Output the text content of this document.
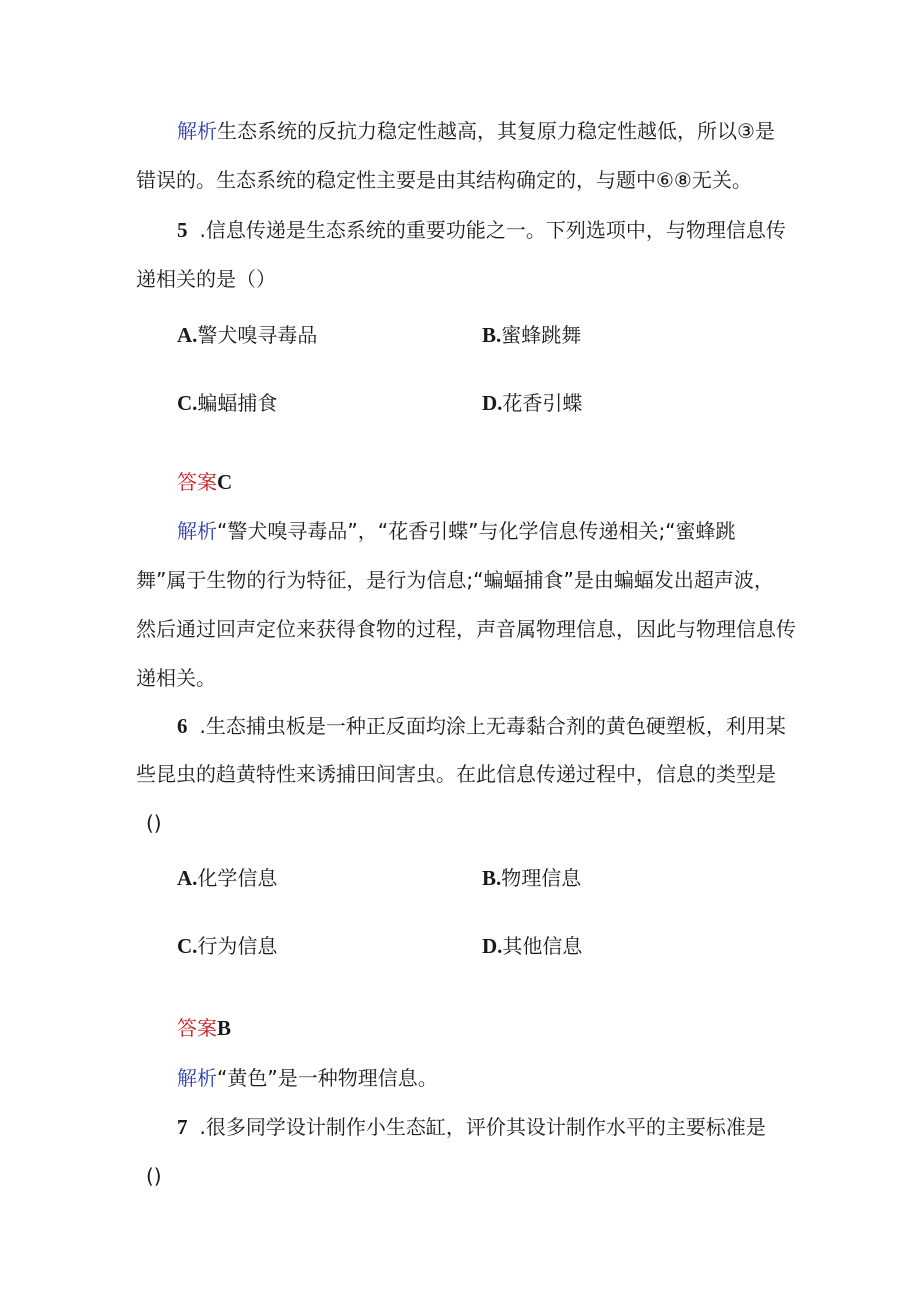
解析生态系统的反抗力稳定性越高，其复原力稳定性越低，所以③是
错误的。生态系统的稳定性主要是由其结构确定的，与题中⑥⑧无关。
5 .信息传递是生态系统的重要功能之一。下列选项中，与物理信息传
递相关的是（）
A.警犬嗅寻毒品	B.蜜蜂跳舞
C.蝙蝠捕食	D.花香引蝶
答案C
解析“警犬嗅寻毒品”，“花香引蝶”与化学信息传递相关;“蜜蜂跳
舞”属于生物的行为特征，是行为信息;“蝙蝠捕食”是由蝙蝠发出超声波，
然后通过回声定位来获得食物的过程，声音属物理信息，因此与物理信息传
递相关。
6 .生态捕虫板是一种正反面均涂上无毒黏合剂的黄色硬塑板，利用某
些昆虫的趋黄特性来诱捕田间害虫。在此信息传递过程中，信息的类型是
()
A.化学信息	B.物理信息
C.行为信息	D.其他信息
答案B
解析“黄色”是一种物理信息。
7 .很多同学设计制作小生态缸，评价其设计制作水平的主要标准是
()
